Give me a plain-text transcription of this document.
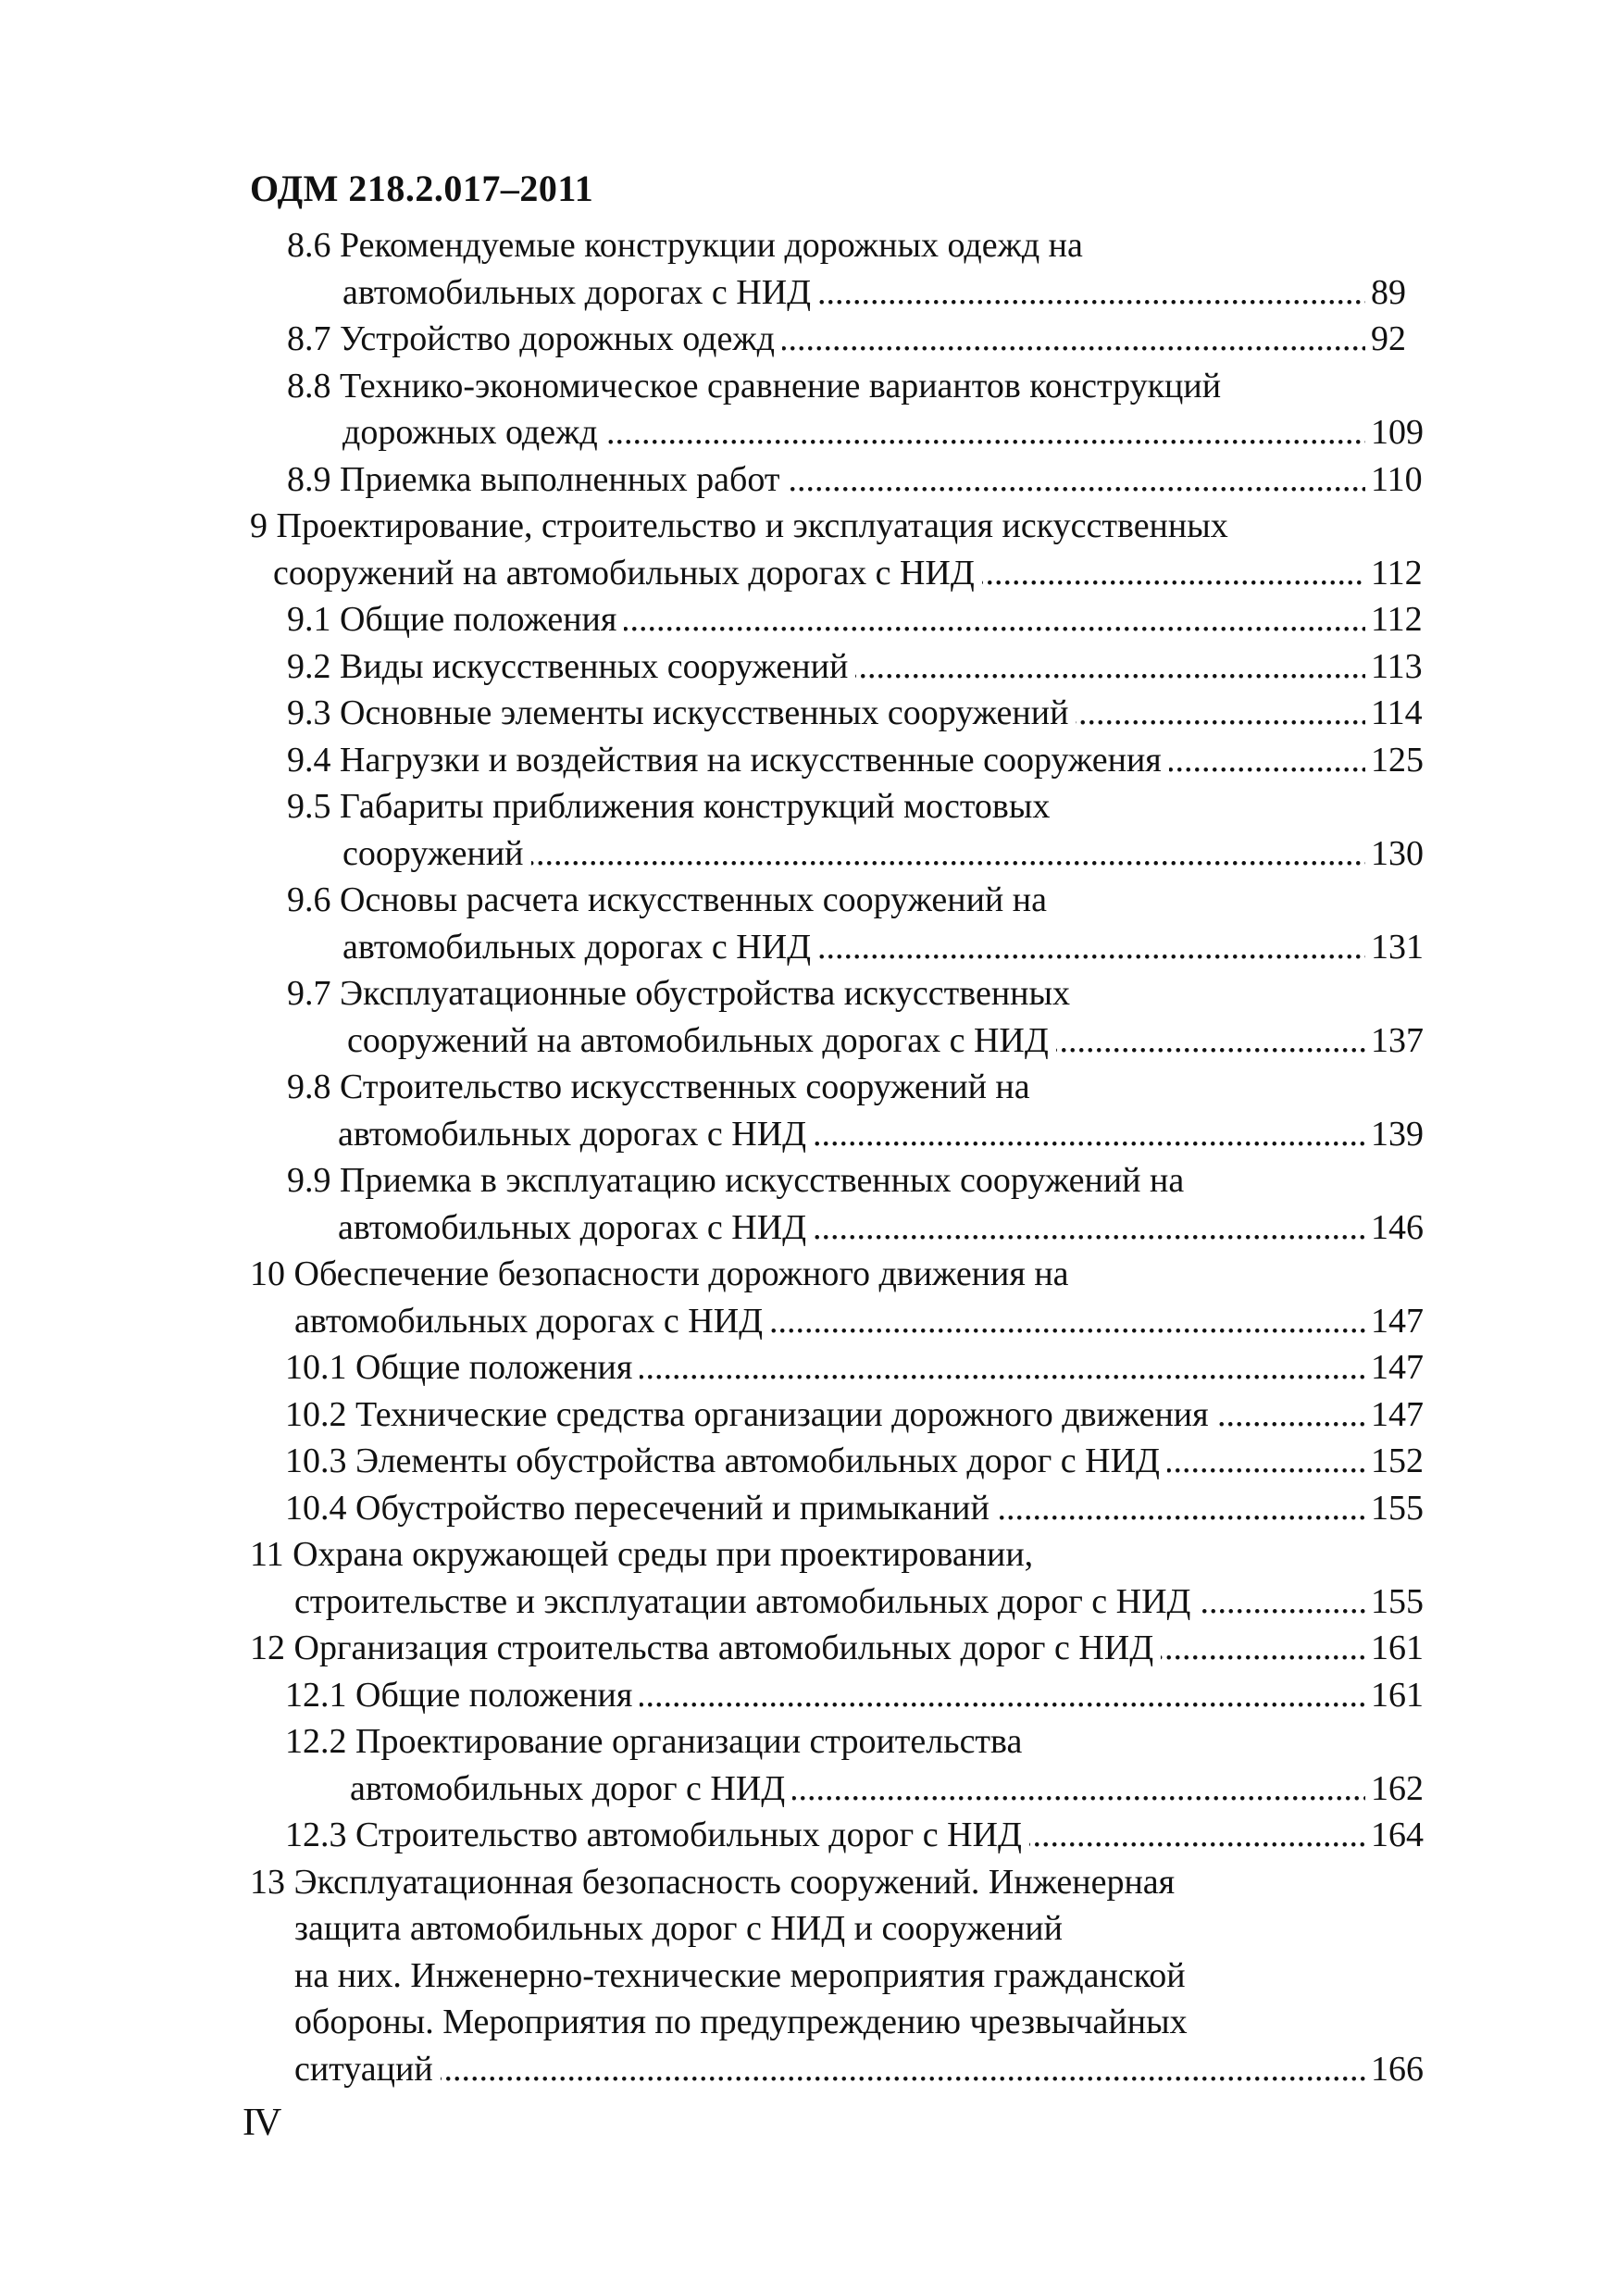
ОДМ 218.2.017–2011
8.6 Рекомендуемые конструкции дорожных одежд на
.....
автомобильных дорогах с НИД	89
.....
8.7 Устройство дорожных одежд	92
8.8 Технико-экономическое сравнение вариантов конструкций
.....
дорожных одежд	109
.....
8.9 Приемка выполненных работ	110
9 Проектирование, строительство и эксплуатация искусственных
.....
сооружений на автомобильных дорогах с НИД	112
.....
9.1 Общие положения	112
.....
9.2 Виды искусственных сооружений	113
.....
9.3 Основные элементы искусственных сооружений	114
.....
9.4 Нагрузки и воздействия на искусственные сооружения	125
9.5 Габариты приближения конструкций мостовых
.....
сооружений	130
9.6 Основы расчета искусственных сооружений на
.....
автомобильных дорогах с НИД	131
9.7 Эксплуатационные обустройства искусственных
.....
сооружений на автомобильных дорогах с НИД	137
9.8 Строительство искусственных сооружений на
.....
автомобильных дорогах с НИД	139
9.9 Приемка в эксплуатацию искусственных сооружений на
.....
автомобильных дорогах с НИД	146
10 Обеспечение безопасности дорожного движения на
.....
автомобильных дорогах с НИД	147
.....
10.1 Общие положения	147
.....
10.2 Технические средства организации дорожного движения	147
.....
10.3 Элементы обустройства автомобильных дорог с НИД	152
.....
10.4 Обустройство пересечений и примыканий	155
11 Охрана окружающей среды при проектировании,
.....
строительстве и эксплуатации автомобильных дорог с НИД	155
.....
12 Организация строительства автомобильных дорог с НИД	161
.....
12.1 Общие положения	161
12.2 Проектирование организации строительства
.....
автомобильных дорог с НИД	162
.....
12.3 Строительство автомобильных дорог с НИД	164
13 Эксплуатационная безопасность сооружений. Инженерная
защита автомобильных дорог с НИД и сооружений
на них. Инженерно-технические мероприятия гражданской
обороны. Мероприятия по предупреждению чрезвычайных
.....
ситуаций	166
IV
